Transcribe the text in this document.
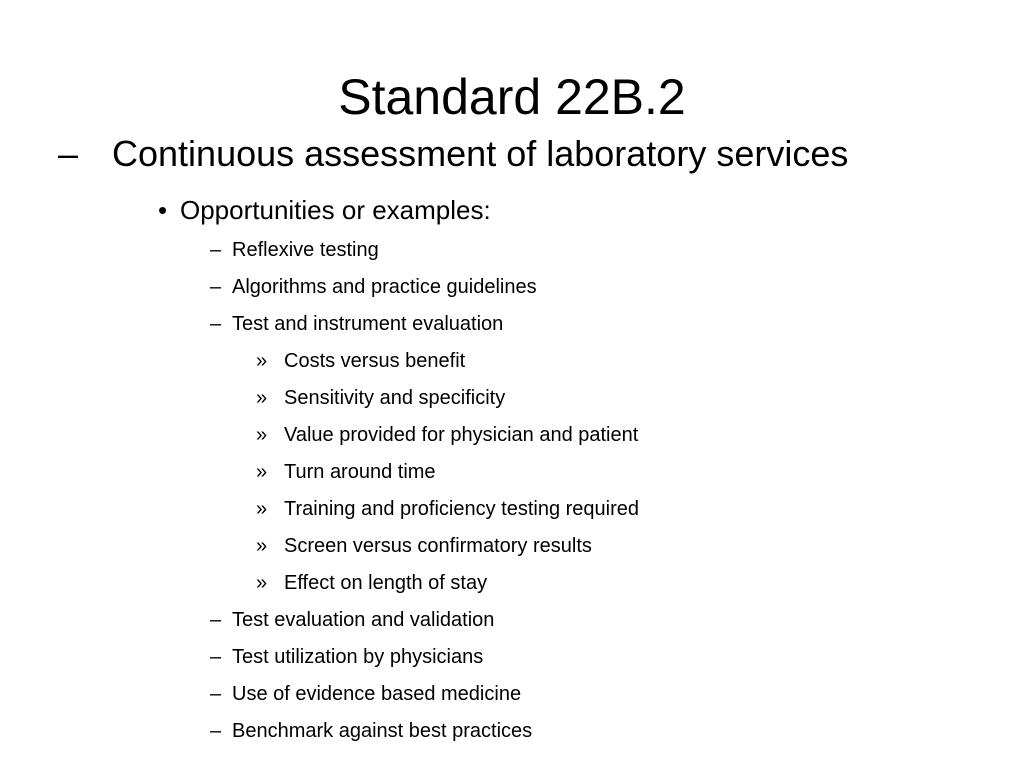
Standard 22B.2
– Continuous assessment of laboratory services
• Opportunities or examples:
– Reflexive testing
– Algorithms and practice guidelines
– Test and instrument evaluation
» Costs versus benefit
» Sensitivity and specificity
» Value provided for physician and patient
» Turn around time
» Training and proficiency testing required
» Screen versus confirmatory results
» Effect on length of stay
– Test evaluation and validation
– Test utilization by physicians
– Use of evidence based medicine
– Benchmark against best practices
